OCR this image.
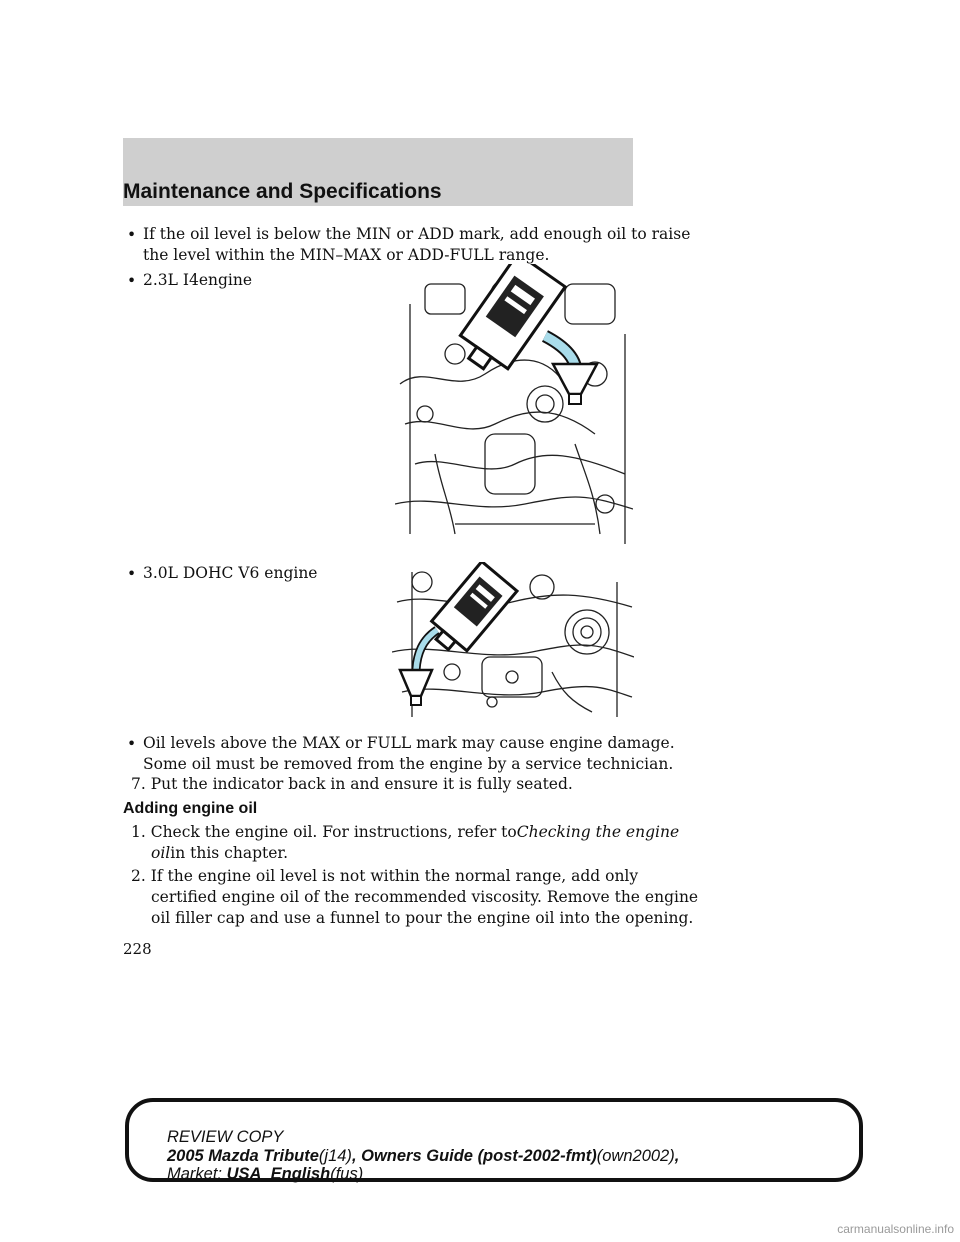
Maintenance and Specifications
• If the oil level is below the MIN or ADD mark, add enough oil to raise
the level within the MIN–MAX or ADD-FULL range.
• 2.3L I4engine
• 3.0L DOHC V6 engine
• Oil levels above the MAX or FULL mark may cause engine damage.
Some oil must be removed from the engine by a service technician.
7. Put the indicator back in and ensure it is fully seated.
Adding engine oil
1. Check the engine oil. For instructions, refer toChecking the engine
oilin this chapter.
2. If the engine oil level is not within the normal range, add only
certified engine oil of the recommended viscosity. Remove the engine
oil filler cap and use a funnel to pour the engine oil into the opening.
228
REVIEW COPY
2005 Mazda Tribute(j14), Owners Guide (post-2002-fmt)(own2002),
Market: USA_English(fus)
carmanualsonline.info
